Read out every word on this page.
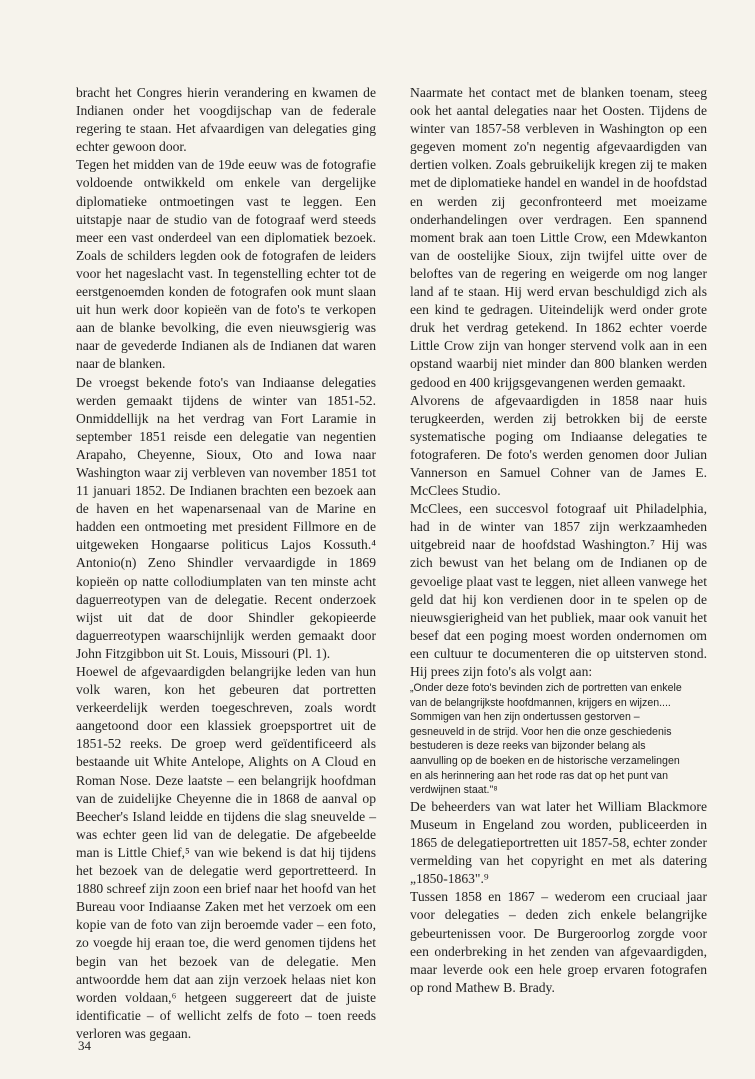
bracht het Congres hierin verandering en kwamen de Indianen onder het voogdijschap van de federale regering te staan. Het afvaardigen van delegaties ging echter gewoon door.

Tegen het midden van de 19de eeuw was de fotografie voldoende ontwikkeld om enkele van dergelijke diplomatieke ontmoetingen vast te leggen. Een uitstapje naar de studio van de fotograaf werd steeds meer een vast onderdeel van een diplomatiek bezoek. Zoals de schilders legden ook de fotografen de leiders voor het nageslacht vast. In tegenstelling echter tot de eerstgenoemden konden de fotografen ook munt slaan uit hun werk door kopieën van de foto's te verkopen aan de blanke bevolking, die even nieuwsgierig was naar de gevederde Indianen als de Indianen dat waren naar de blanken.

De vroegst bekende foto's van Indiaanse delegaties werden gemaakt tijdens de winter van 1851-52. Onmiddellijk na het verdrag van Fort Laramie in september 1851 reisde een delegatie van negentien Arapaho, Cheyenne, Sioux, Oto and Iowa naar Washington waar zij verbleven van november 1851 tot 11 januari 1852. De Indianen brachten een bezoek aan de haven en het wapenarsenaal van de Marine en hadden een ontmoeting met president Fillmore en de uitgeweken Hongaarse politicus Lajos Kossuth.⁴ Antonio(n) Zeno Shindler vervaardigde in 1869 kopieën op natte collodiumplaten van ten minste acht daguerreotypen van de delegatie. Recent onderzoek wijst uit dat de door Shindler gekopieerde daguerreotypen waarschijnlijk werden gemaakt door John Fitzgibbon uit St. Louis, Missouri (Pl. 1).

Hoewel de afgevaardigden belangrijke leden van hun volk waren, kon het gebeuren dat portretten verkeerdelijk werden toegeschreven, zoals wordt aangetoond door een klassiek groepsportret uit de 1851-52 reeks. De groep werd geïdentificeerd als bestaande uit White Antelope, Alights on A Cloud en Roman Nose. Deze laatste – een belangrijk hoofdman van de zuidelijke Cheyenne die in 1868 de aanval op Beecher's Island leidde en tijdens die slag sneuvelde – was echter geen lid van de delegatie. De afgebeelde man is Little Chief,⁵ van wie bekend is dat hij tijdens het bezoek van de delegatie werd geportretteerd. In 1880 schreef zijn zoon een brief naar het hoofd van het Bureau voor Indiaanse Zaken met het verzoek om een kopie van de foto van zijn beroemde vader – een foto, zo voegde hij eraan toe, die werd genomen tijdens het begin van het bezoek van de delegatie. Men antwoordde hem dat aan zijn verzoek helaas niet kon worden voldaan,⁶ hetgeen suggereert dat de juiste identificatie – of wellicht zelfs de foto – toen reeds verloren was gegaan.

Naarmate het contact met de blanken toenam, steeg ook het aantal delegaties naar het Oosten. Tijdens de winter van 1857-58 verbleven in Washington op een gegeven moment zo'n negentig afgevaardigden van dertien volken. Zoals gebruikelijk kregen zij te maken met de diplomatieke handel en wandel in de hoofdstad en werden zij geconfronteerd met moeizame onderhandelingen over verdragen. Een spannend moment brak aan toen Little Crow, een Mdewkanton van de oostelijke Sioux, zijn twijfel uitte over de beloftes van de regering en weigerde om nog langer land af te staan. Hij werd ervan beschuldigd zich als een kind te gedragen. Uiteindelijk werd onder grote druk het verdrag getekend. In 1862 echter voerde Little Crow zijn van honger stervend volk aan in een opstand waarbij niet minder dan 800 blanken werden gedood en 400 krijgsgevangenen werden gemaakt.

Alvorens de afgevaardigden in 1858 naar huis terugkeerden, werden zij betrokken bij de eerste systematische poging om Indiaanse delegaties te fotograferen. De foto's werden genomen door Julian Vannerson en Samuel Cohner van de James E. McClees Studio.

McClees, een succesvol fotograaf uit Philadelphia, had in de winter van 1857 zijn werkzaamheden uitgebreid naar de hoofdstad Washington.⁷ Hij was zich bewust van het belang om de Indianen op de gevoelige plaat vast te leggen, niet alleen vanwege het geld dat hij kon verdienen door in te spelen op de nieuwsgierigheid van het publiek, maar ook vanuit het besef dat een poging moest worden ondernomen om een cultuur te documenteren die op uitsterven stond. Hij prees zijn foto's als volgt aan:

„Onder deze foto's bevinden zich de portretten van enkele van de belangrijkste hoofdmannen, krijgers en wijzen.... Sommigen van hen zijn ondertussen gestorven – gesneuveld in de strijd. Voor hen die onze geschiedenis bestuderen is deze reeks van bijzonder belang als aanvulling op de boeken en de historische verzamelingen en als herinnering aan het rode ras dat op het punt van verdwijnen staat."⁸

De beheerders van wat later het William Blackmore Museum in Engeland zou worden, publiceerden in 1865 de delegatieportretten uit 1857-58, echter zonder vermelding van het copyright en met als datering „1850-1863".⁹

Tussen 1858 en 1867 – wederom een cruciaal jaar voor delegaties – deden zich enkele belangrijke gebeurtenissen voor. De Burgeroorlog zorgde voor een onderbreking in het zenden van afgevaardigden, maar leverde ook een hele groep ervaren fotografen op rond Mathew B. Brady.

34
